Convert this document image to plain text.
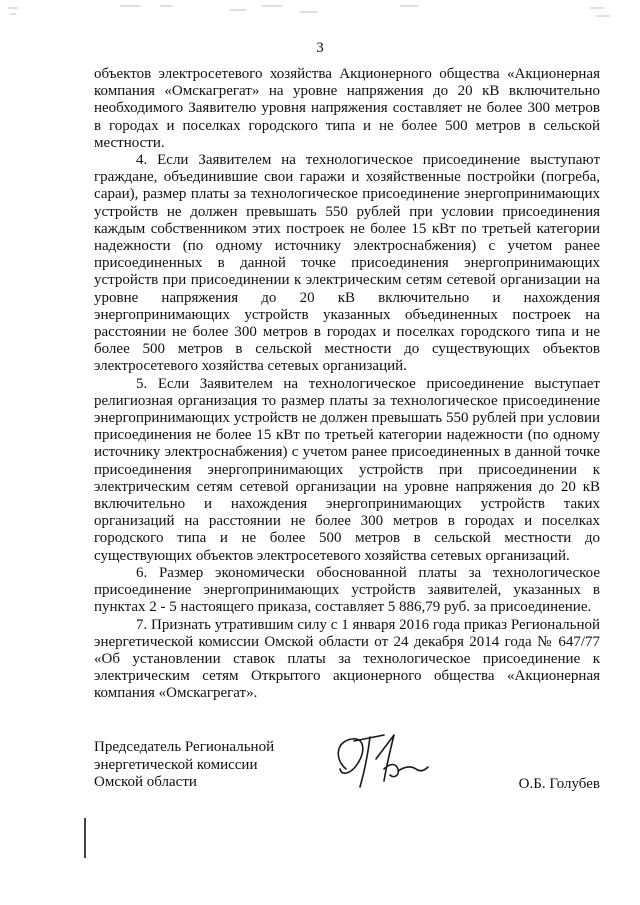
3

объектов электросетевого хозяйства Акционерного общества «Акционерная компания «Омскагрегат» на уровне напряжения до 20 кВ включительно необходимого Заявителю уровня напряжения составляет не более 300 метров в городах и поселках городского типа и не более 500 метров в сельской местности.

4. Если Заявителем на технологическое присоединение выступают граждане, объединившие свои гаражи и хозяйственные постройки (погреба, сараи), размер платы за технологическое присоединение энергопринимающих устройств не должен превышать 550 рублей при условии присоединения каждым собственником этих построек не более 15 кВт по третьей категории надежности (по одному источнику электроснабжения) с учетом ранее присоединенных в данной точке присоединения энергопринимающих устройств при присоединении к электрическим сетям сетевой организации на уровне напряжения до 20 кВ включительно и нахождения энергопринимающих устройств указанных объединенных построек на расстоянии не более 300 метров в городах и поселках городского типа и не более 500 метров в сельской местности до существующих объектов электросетевого хозяйства сетевых организаций.

5. Если Заявителем на технологическое присоединение выступает религиозная организация то размер платы за технологическое присоединение энергопринимающих устройств не должен превышать 550 рублей при условии присоединения не более 15 кВт по третьей категории надежности (по одному источнику электроснабжения) с учетом ранее присоединенных в данной точке присоединения энергопринимающих устройств при присоединении к электрическим сетям сетевой организации на уровне напряжения до 20 кВ включительно и нахождения энергопринимающих устройств таких организаций на расстоянии не более 300 метров в городах и поселках городского типа и не более 500 метров в сельской местности до существующих объектов электросетевого хозяйства сетевых организаций.

6. Размер экономически обоснованной платы за технологическое присоединение энергопринимающих устройств заявителей, указанных в пунктах 2 - 5 настоящего приказа, составляет 5 886,79 руб. за присоединение.

7. Признать утратившим силу с 1 января 2016 года приказ Региональной энергетической комиссии Омской области от 24 декабря 2014 года № 647/77 «Об установлении ставок платы за технологическое присоединение к электрическим сетям Открытого акционерного общества «Акционерная компания «Омскагрегат».

Председатель Региональной
энергетической комиссии
Омской области	О.Б. Голубев
